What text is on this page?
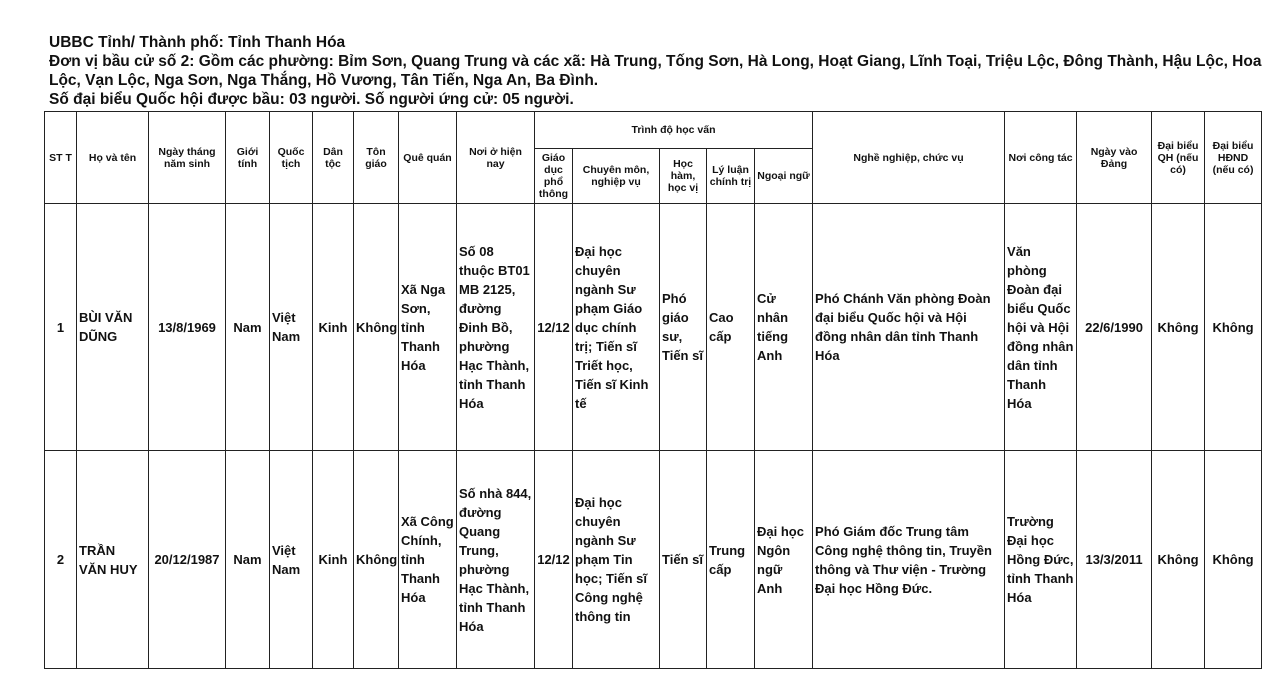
UBBC Tỉnh/ Thành phố: Tỉnh Thanh Hóa
Đơn vị bầu cử số 2: Gồm các phường: Bỉm Sơn, Quang Trung và các xã: Hà Trung, Tống Sơn, Hà Long, Hoạt Giang, Lĩnh Toại, Triệu Lộc, Đông Thành, Hậu Lộc, Hoa Lộc, Vạn Lộc, Nga Sơn, Nga Thắng, Hồ Vương, Tân Tiến, Nga An, Ba Đình.
Số đại biểu Quốc hội được bầu: 03 người. Số người ứng cử: 05 người.
ST T	Họ và tên	Ngày tháng năm sinh	Giới tính	Quốc tịch	Dân tộc	Tôn giáo	Quê quán	Nơi ở hiện nay	Trình độ học vấn					Nghề nghiệp, chức vụ	Nơi công tác	Ngày vào Đảng	Đại biểu QH (nếu có)	Đại biểu HĐND (nếu có)
									Giáo dục phổ thông	Chuyên môn, nghiệp vụ	Học hàm, học vị	Lý luận chính trị	Ngoại ngữ					
1	BÙI VĂN DŨNG	13/8/1969	Nam	Việt Nam	Kinh	Không	Xã Nga Sơn, tỉnh Thanh Hóa	Số 08 thuộc BT01 MB 2125, đường Đinh Bồ, phường Hạc Thành, tỉnh Thanh Hóa	12/12	Đại học chuyên ngành Sư phạm Giáo dục chính trị; Tiến sĩ Triết học, Tiến sĩ Kinh tế	Phó giáo sư, Tiến sĩ	Cao cấp	Cử nhân tiếng Anh	Phó Chánh Văn phòng Đoàn đại biểu Quốc hội và Hội đồng nhân dân tỉnh Thanh Hóa	Văn phòng Đoàn đại biểu Quốc hội và Hội đồng nhân dân tỉnh Thanh Hóa	22/6/1990	Không	Không
2	TRẦN VĂN HUY	20/12/1987	Nam	Việt Nam	Kinh	Không	Xã Công Chính, tỉnh Thanh Hóa	Số nhà 844, đường Quang Trung, phường Hạc Thành, tỉnh Thanh Hóa	12/12	Đại học chuyên ngành Sư phạm Tin học; Tiến sĩ Công nghệ thông tin	Tiến sĩ	Trung cấp	Đại học Ngôn ngữ Anh	Phó Giám đốc Trung tâm Công nghệ thông tin, Truyền thông và Thư viện - Trường Đại học Hồng Đức.	Trường Đại học Hồng Đức, tỉnh Thanh Hóa	13/3/2011	Không	Không
